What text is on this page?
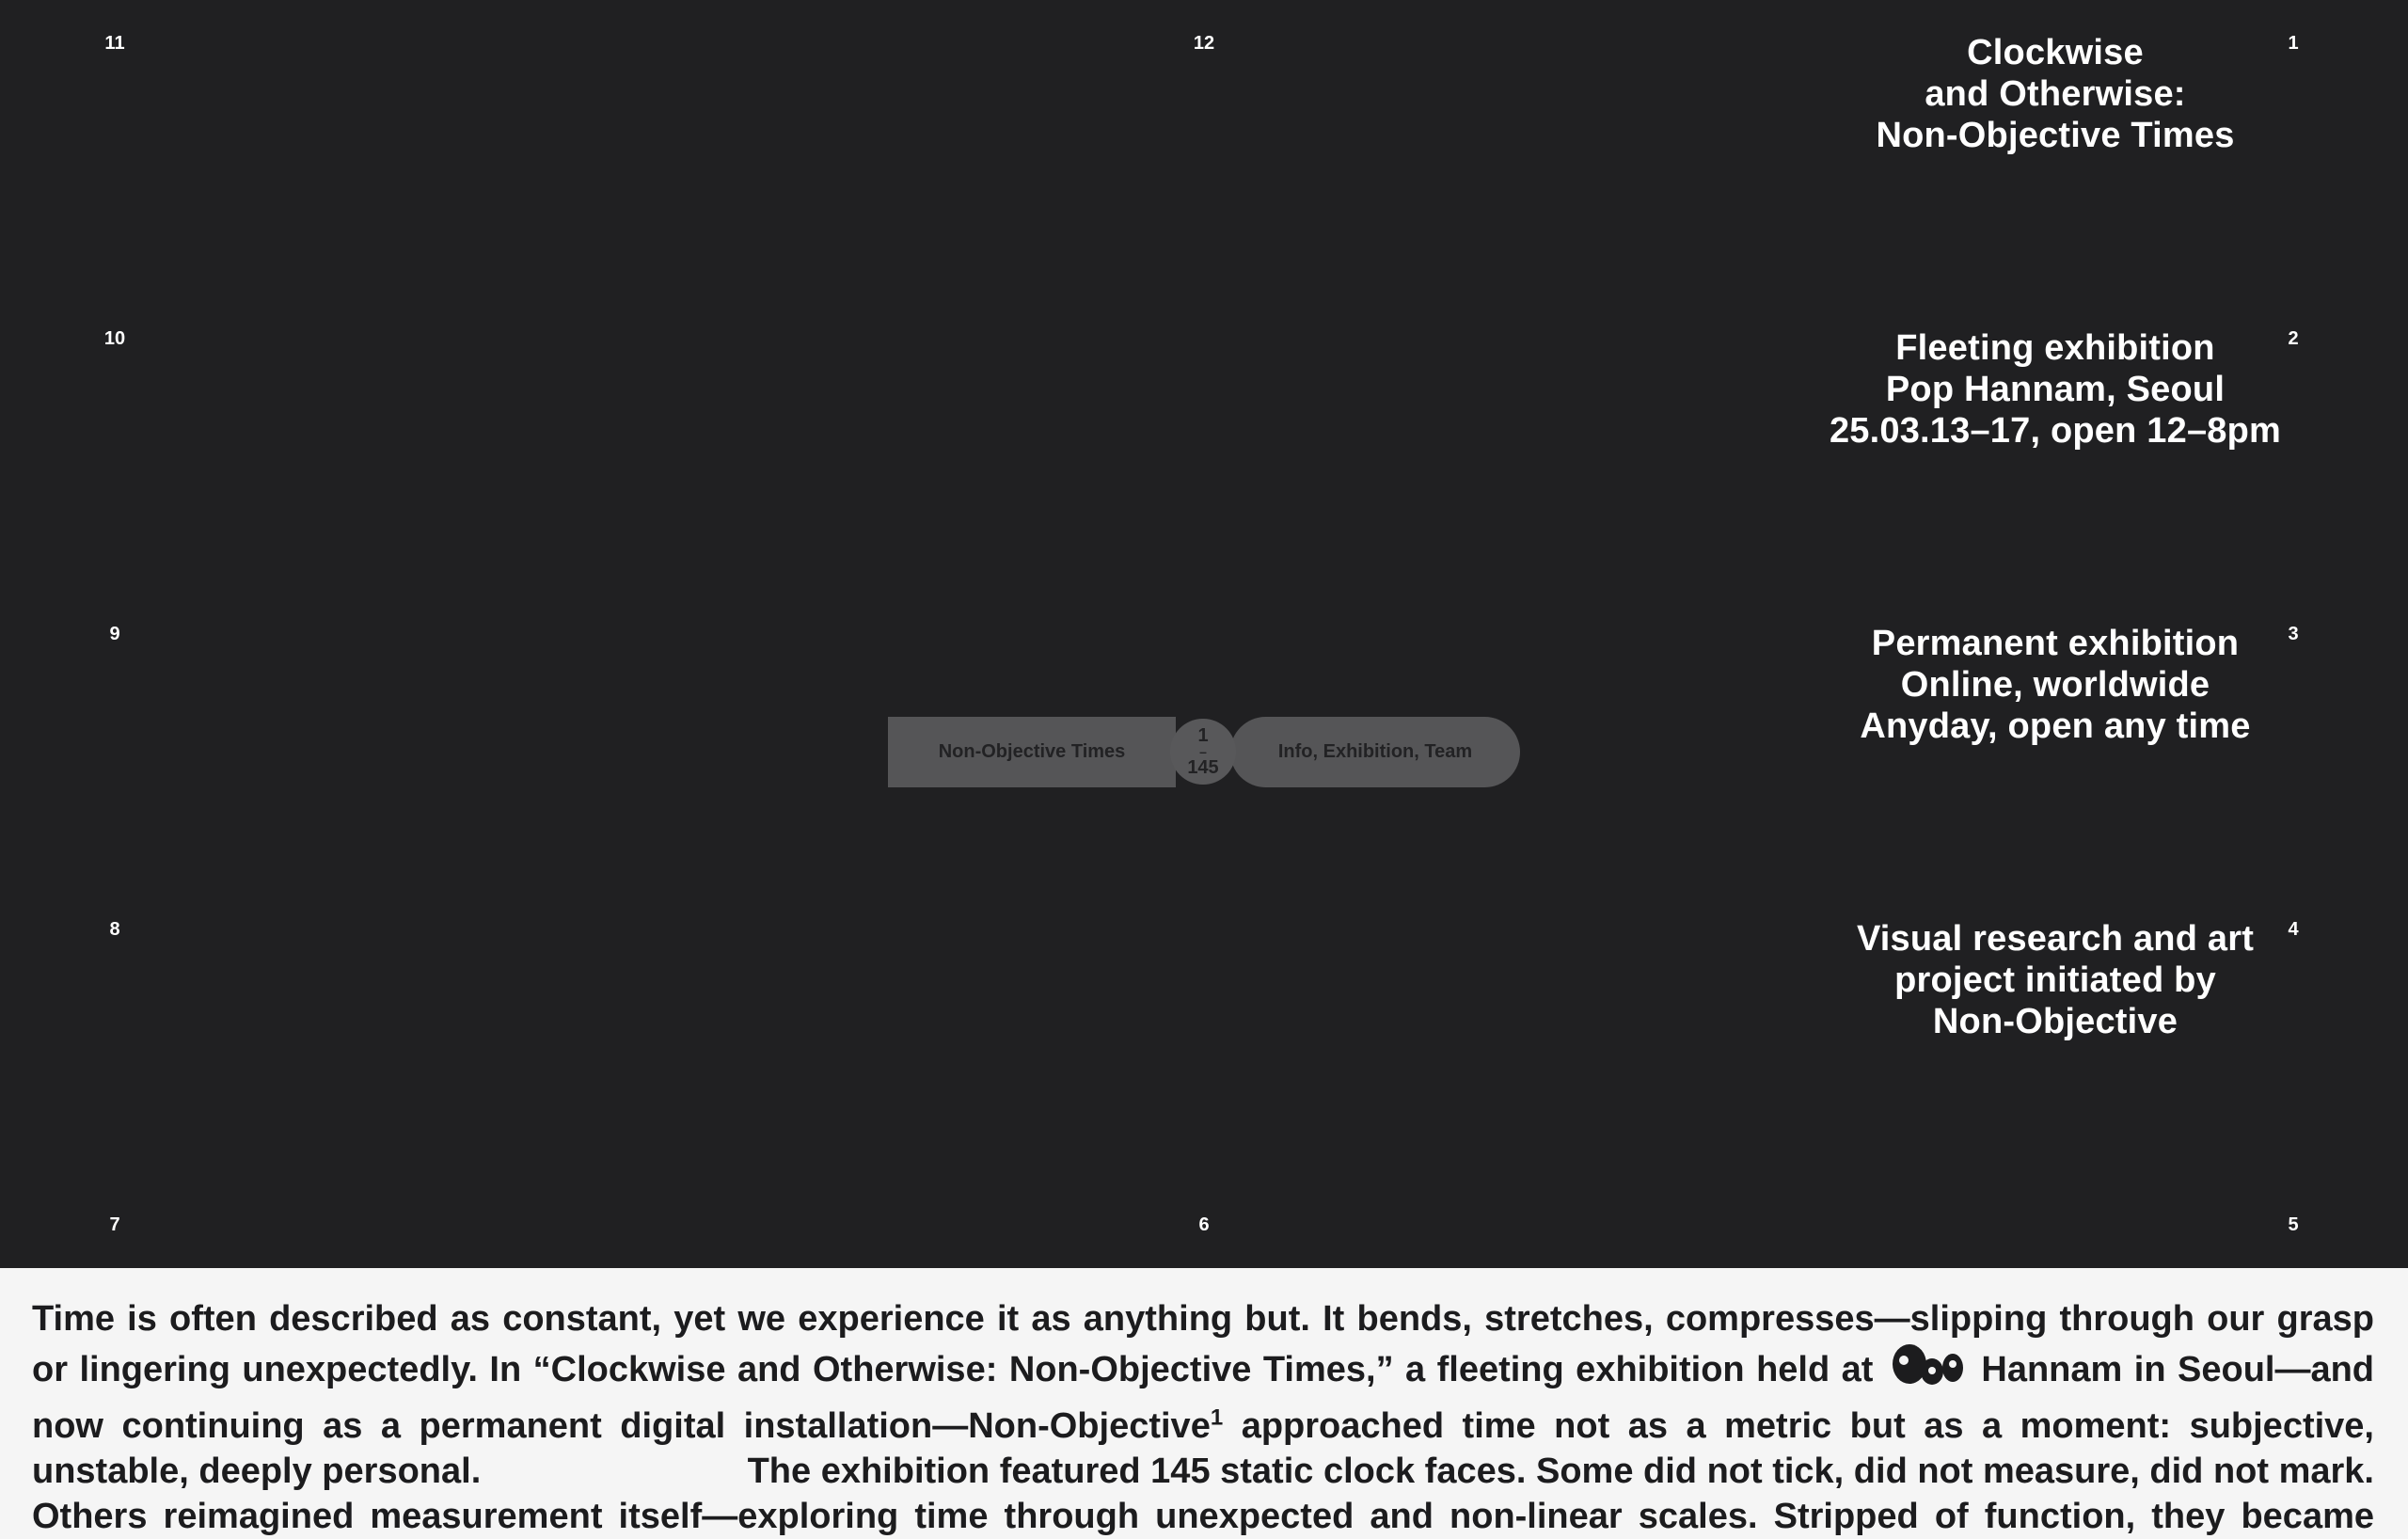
11	12	1
10	2
9	3
8	4
7	6	5
Clockwise
and Otherwise:
Non-Objective Times
Fleeting exhibition
Pop Hannam, Seoul
25.03.13–17, open 12–8pm
Permanent exhibition
Online, worldwide
Anyday, open any time
Visual research and art
project initiated by
Non-Objective
Non-Objective Times	Info, Exhibition, Team
1
–
145
Time is often described as constant, yet we experience it as anything but. It bends, stretches, compresses—slipping through our grasp
or lingering unexpectedly. In “Clockwise and Otherwise: Non-Objective Times,” a fleeting exhibition held at	Hannam in Seoul—and
now continuing as a permanent digital installation—Non-Objective$^1$ approached time not as a metric but as a moment: subjective,
unstable, deeply personal.	The exhibition featured 145 static clock faces. Some did not tick, did not measure, did not mark.
Others reimagined measurement itself—exploring time through unexpected and non-linear scales. Stripped of function, they became
